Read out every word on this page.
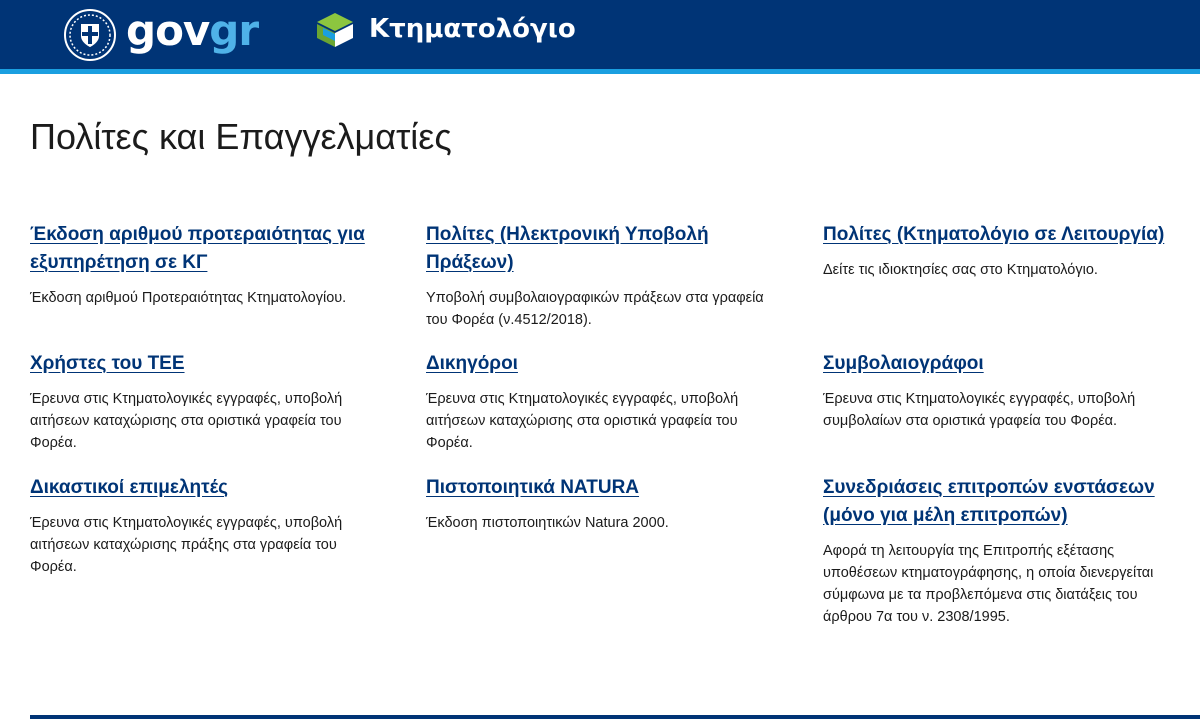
govgr	Κτηματολόγιο
Πολίτες και Επαγγελματίες
Έκδοση αριθμού προτεραιότητας για εξυπηρέτηση σε ΚΓ

Έκδοση αριθμού Προτεραιότητας Κτηματολογίου.

Πολίτες (Ηλεκτρονική Υποβολή Πράξεων)

Υποβολή συμβολαιογραφικών πράξεων στα γραφεία του Φορέα (ν.4512/2018).

Πολίτες (Κτηματολόγιο σε Λειτουργία)

Δείτε τις ιδιοκτησίες σας στο Κτηματολόγιο.

Χρήστες του ΤΕΕ

Έρευνα στις Κτηματολογικές εγγραφές, υποβολή αιτήσεων καταχώρισης στα οριστικά γραφεία του Φορέα.

Δικηγόροι

Έρευνα στις Κτηματολογικές εγγραφές, υποβολή αιτήσεων καταχώρισης στα οριστικά γραφεία του Φορέα.

Συμβολαιογράφοι

Έρευνα στις Κτηματολογικές εγγραφές, υποβολή συμβολαίων στα οριστικά γραφεία του Φορέα.

Δικαστικοί επιμελητές

Έρευνα στις Κτηματολογικές εγγραφές, υποβολή αιτήσεων καταχώρισης πράξης στα γραφεία του Φορέα.

Πιστοποιητικά NATURA

Έκδοση πιστοποιητικών Natura 2000.

Συνεδριάσεις επιτροπών ενστάσεων (μόνο για μέλη επιτροπών)

Αφορά τη λειτουργία της Επιτροπής εξέτασης υποθέσεων κτηματογράφησης, η οποία διενεργείται σύμφωνα με τα προβλεπόμενα στις διατάξεις του άρθρου 7α του ν. 2308/1995.
